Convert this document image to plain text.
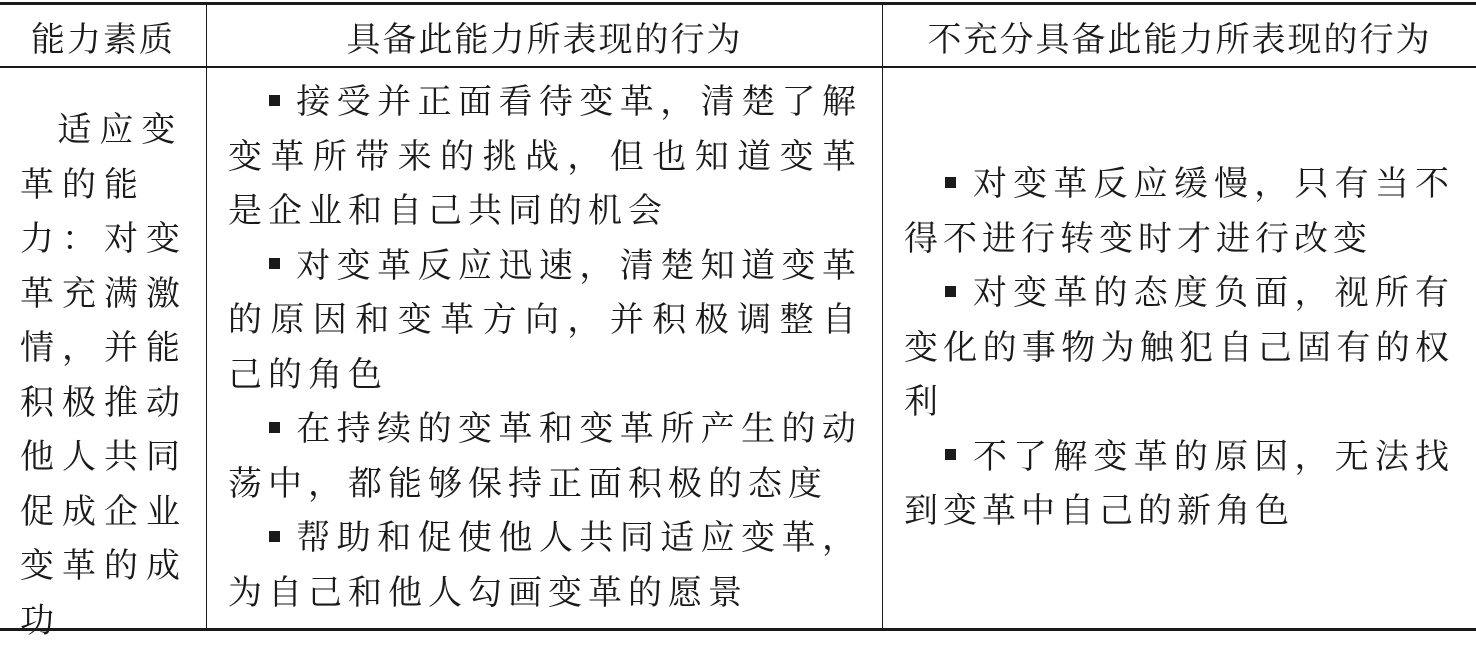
能力素质	具备此能力所表现的行为	不充分具备此能力所表现的行为

适应变革的能力：对变革充满激情，并能积极推动他人共同促成企业变革的成功

接受并正面看待变革，清楚了解变革所带来的挑战，但也知道变革是企业和自己共同的机会

对变革反应迅速，清楚知道变革的原因和变革方向，并积极调整自己的角色

在持续的变革和变革所产生的动荡中，都能够保持正面积极的态度

帮助和促使他人共同适应变革，为自己和他人勾画变革的愿景

对变革反应缓慢，只有当不得不进行转变时才进行改变

对变革的态度负面，视所有变化的事物为触犯自己固有的权利

不了解变革的原因，无法找到变革中自己的新角色
